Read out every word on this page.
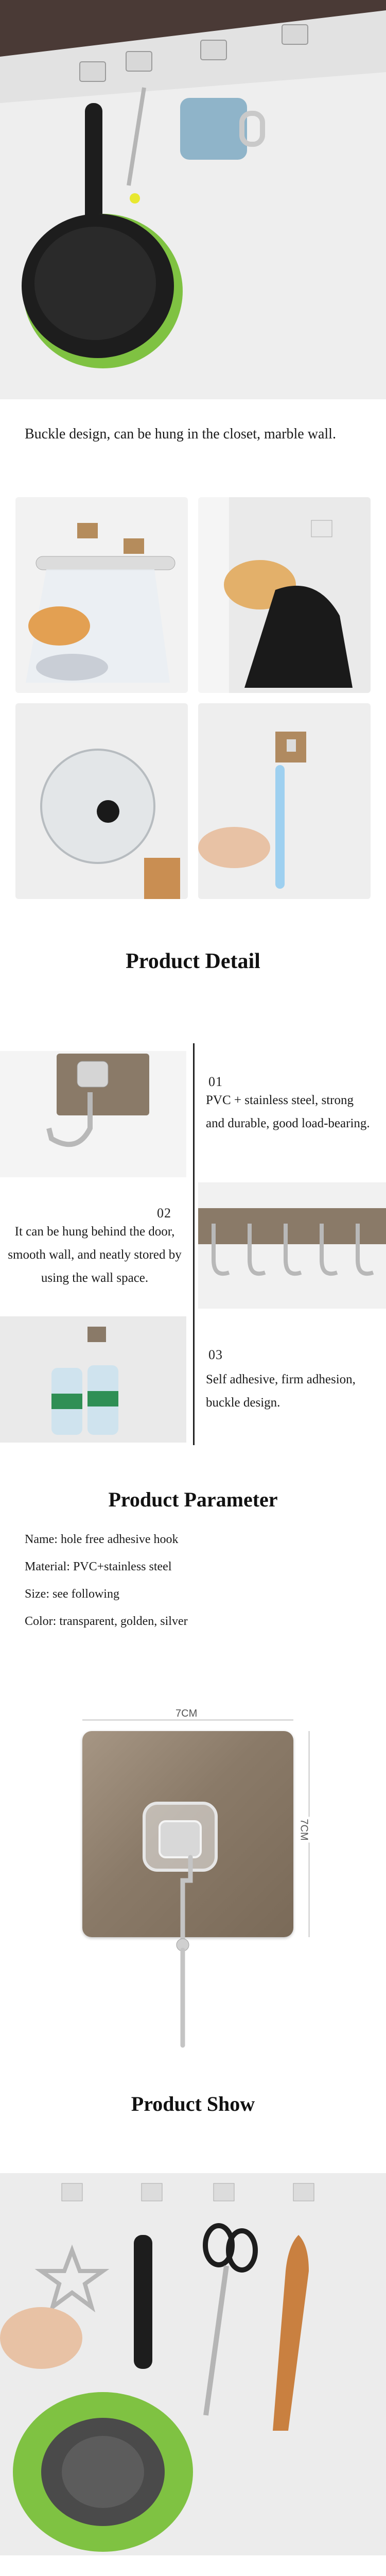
Buckle design, can be hung in the closet, marble wall.
Product Detail
01
PVC + stainless steel, strong and durable, good load-bearing.
02
It can be hung behind the door, smooth wall, and neatly stored by using the wall space.
03
Self adhesive, firm adhesion, buckle design.
Product Parameter
Name: hole free adhesive hook
Material: PVC+stainless steel
Size: see following
Color: transparent, golden, silver
7CM
7CM
Product Show
